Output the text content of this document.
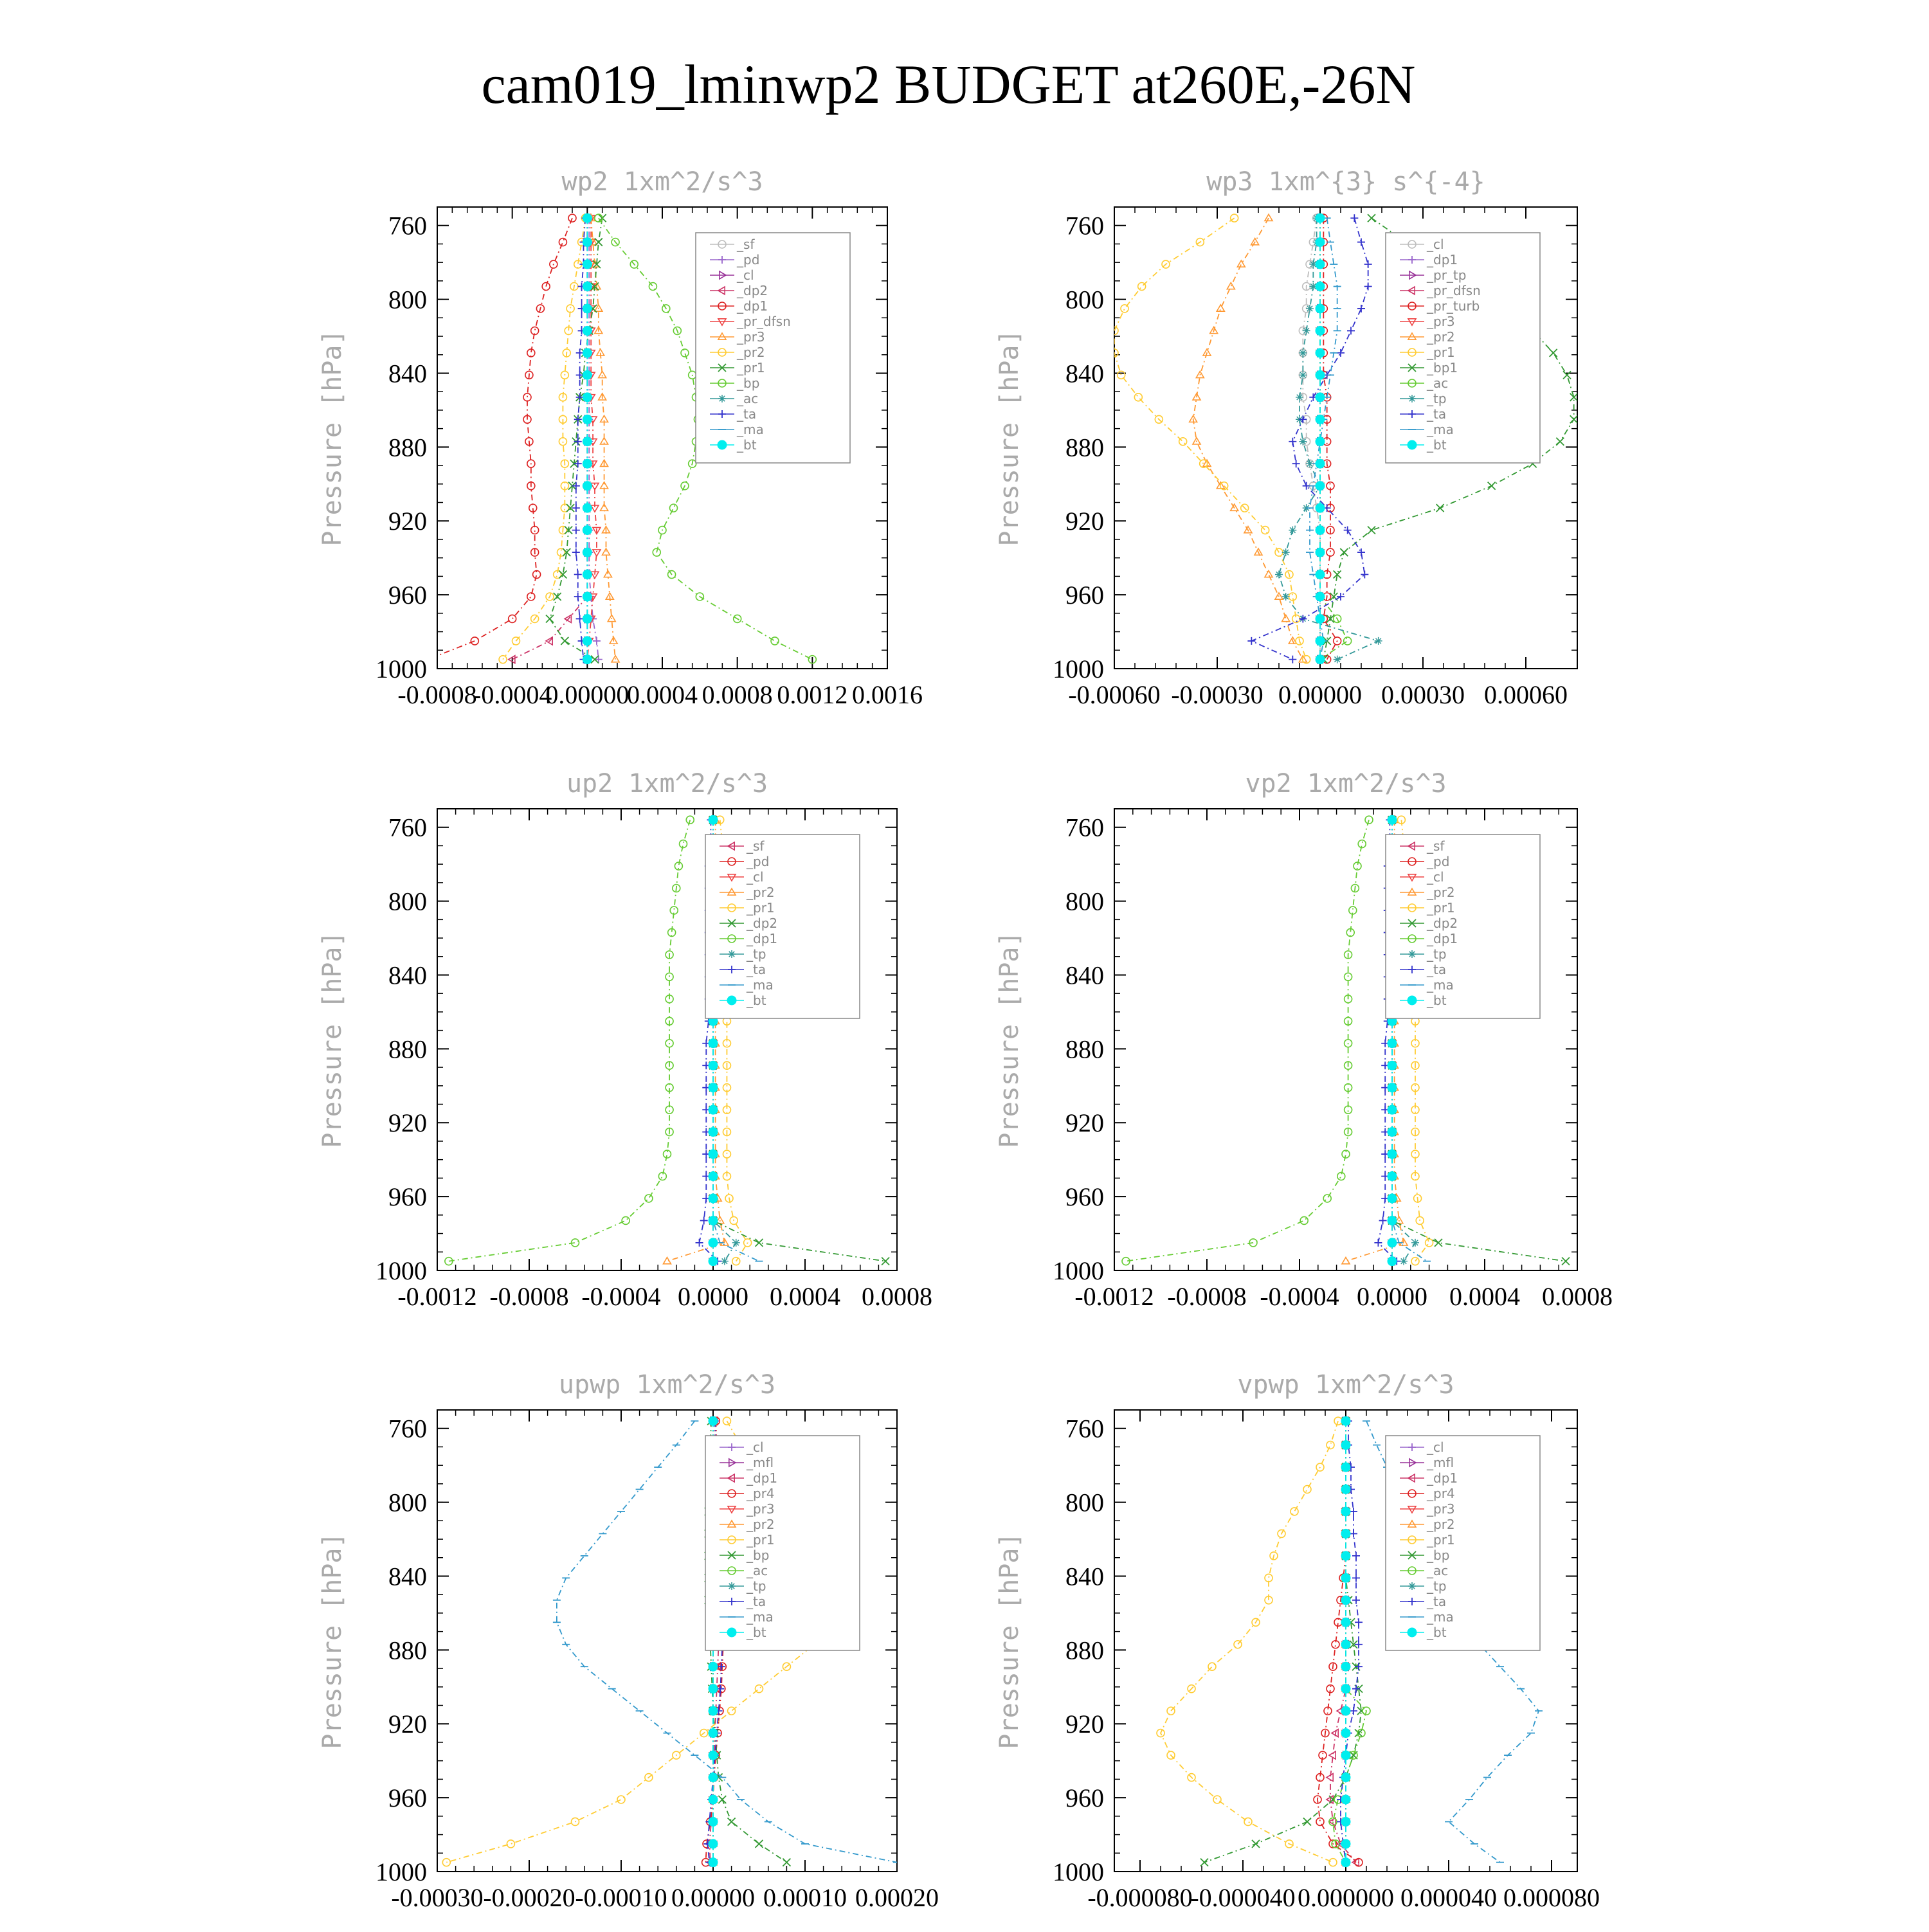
cam019_lminwp2 BUDGET at260E,-26N
wp2 1xm^2/s^3
Pressure [hPa]
760
800
840
880
920
960
1000
-0.0008
-0.0004
0.00000
0.0004 0.0008 0.0012 0.0016
_sf
_pd
_cl
_dp2
_dp1
_pr_dfsn
_pr3
_pr2
_pr1
_bp
_ac
_ta
_ma
_bt
wp3 1xm^{3} s^{-4}
Pressure [hPa]
760
800
840
880
920
960
1000
-0.00060 -0.00030 0.00000 0.00030 0.00060
_cl
_dp1
_pr_tp
_pr_dfsn
_pr_turb
_pr3
_pr2
_pr1
_bp1
_ac
_tp
_ta
_ma
_bt
up2 1xm^2/s^3
Pressure [hPa]
760
800
840
880
920
960
1000
-0.0012 -0.0008 -0.0004 0.0000 0.0004 0.0008
_sf
_pd
_cl
_pr2
_pr1
_dp2
_dp1
_tp
_ta
_ma
_bt
vp2 1xm^2/s^3
Pressure [hPa]
760
800
840
880
920
960
1000
-0.0012 -0.0008 -0.0004 0.0000 0.0004 0.0008
_sf
_pd
_cl
_pr2
_pr1
_dp2
_dp1
_tp
_ta
_ma
_bt
upwp 1xm^2/s^3
Pressure [hPa]
760
800
840
880
920
960
1000
-0.00030 -0.00020 -0.00010 0.00000 0.00010 0.00020
_cl
_mfl
_dp1
_pr4
_pr3
_pr2
_pr1
_bp
_ac
_tp
_ta
_ma
_bt
vpwp 1xm^2/s^3
Pressure [hPa]
760
800
840
880
920
960
1000
-0.000080
-0.000040 0.000000 0.000040 0.000080
_cl
_mfl
_dp1
_pr4
_pr3
_pr2
_pr1
_bp
_ac
_tp
_ta
_ma
_bt
